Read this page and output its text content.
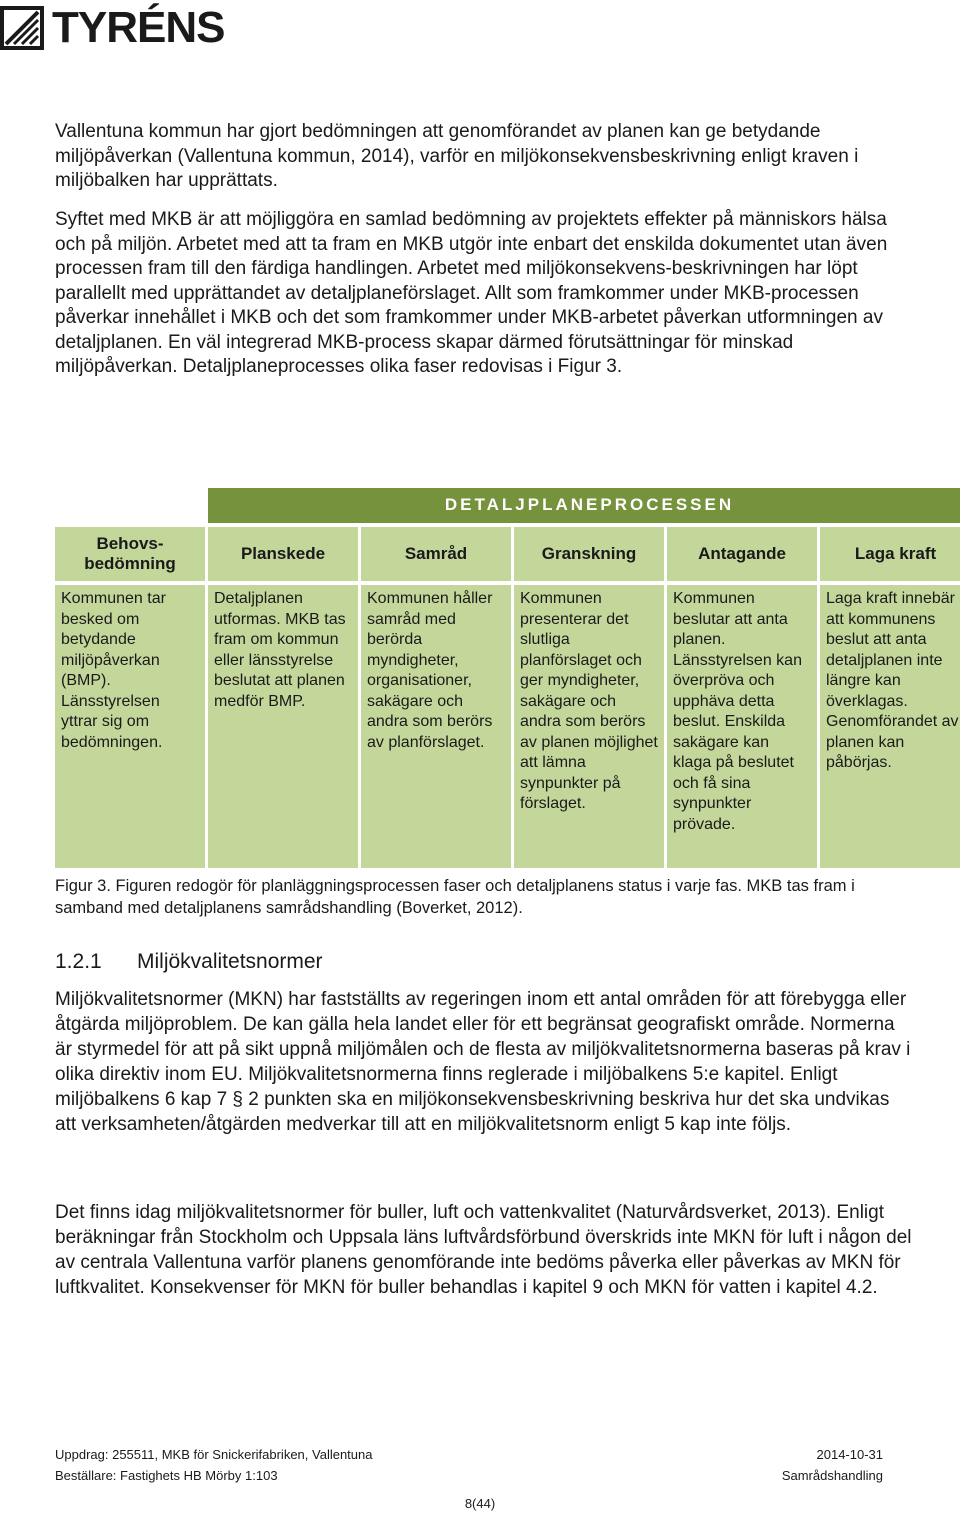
TYRÉNS

Vallentuna kommun har gjort bedömningen att genomförandet av planen kan ge betydande miljöpåverkan (Vallentuna kommun, 2014), varför en miljökonsekvensbeskrivning enligt kraven i miljöbalken har upprättats.

Syftet med MKB är att möjliggöra en samlad bedömning av projektets effekter på människors hälsa och på miljön. Arbetet med att ta fram en MKB utgör inte enbart det enskilda dokumentet utan även processen fram till den färdiga handlingen. Arbetet med miljökonsekvens-beskrivningen har löpt parallellt med upprättandet av detaljplaneförslaget. Allt som framkommer under MKB-processen påverkar innehållet i MKB och det som framkommer under MKB-arbetet påverkan utformningen av detaljplanen. En väl integrerad MKB-process skapar därmed förutsättningar för minskad miljöpåverkan. Detaljplaneprocesses olika faser redovisas i Figur 3.

	DETALJPLANEPROCESSEN				
Behovs-bedömning	Planskede	Samråd	Granskning	Antagande	Laga kraft
Kommunen tar besked om betydande miljöpåverkan (BMP). Länsstyrelsen yttrar sig om bedömningen.	Detaljplanen utformas. MKB tas fram om kommun eller länsstyrelse beslutat att planen medför BMP.	Kommunen håller samråd med berörda myndigheter, organisationer, sakägare och andra som berörs av planförslaget.	Kommunen presenterar det slutliga planförslaget och ger myndigheter, sakägare och andra som berörs av planen möjlighet att lämna synpunkter på förslaget.	Kommunen beslutar att anta planen. Länsstyrelsen kan överpröva och upphäva detta beslut. Enskilda sakägare kan klaga på beslutet och få sina synpunkter prövade.	Laga kraft innebär att kommunens beslut att anta detaljplanen inte längre kan överklagas. Genomförandet av planen kan påbörjas.

Figur 3. Figuren redogör för planläggningsprocessen faser och detaljplanens status i varje fas. MKB tas fram i samband med detaljplanens samrådshandling (Boverket, 2012).

1.2.1 Miljökvalitetsnormer

Miljökvalitetsnormer (MKN) har fastställts av regeringen inom ett antal områden för att förebygga eller åtgärda miljöproblem. De kan gälla hela landet eller för ett begränsat geografiskt område. Normerna är styrmedel för att på sikt uppnå miljömålen och de flesta av miljökvalitetsnormerna baseras på krav i olika direktiv inom EU. Miljökvalitetsnormerna finns reglerade i miljöbalkens 5:e kapitel. Enligt miljöbalkens 6 kap 7 § 2 punkten ska en miljökonsekvensbeskrivning beskriva hur det ska undvikas att verksamheten/åtgärden medverkar till att en miljökvalitetsnorm enligt 5 kap inte följs.

Det finns idag miljökvalitetsnormer för buller, luft och vattenkvalitet (Naturvårdsverket, 2013). Enligt beräkningar från Stockholm och Uppsala läns luftvårdsförbund överskrids inte MKN för luft i någon del av centrala Vallentuna varför planens genomförande inte bedöms påverka eller påverkas av MKN för luftkvalitet. Konsekvenser för MKN för buller behandlas i kapitel 9 och MKN för vatten i kapitel 4.2.

Uppdrag: 255511, MKB för Snickerifabriken, Vallentuna	2014-10-31
Beställare: Fastighets HB Mörby 1:103	Samrådshandling
8(44)
